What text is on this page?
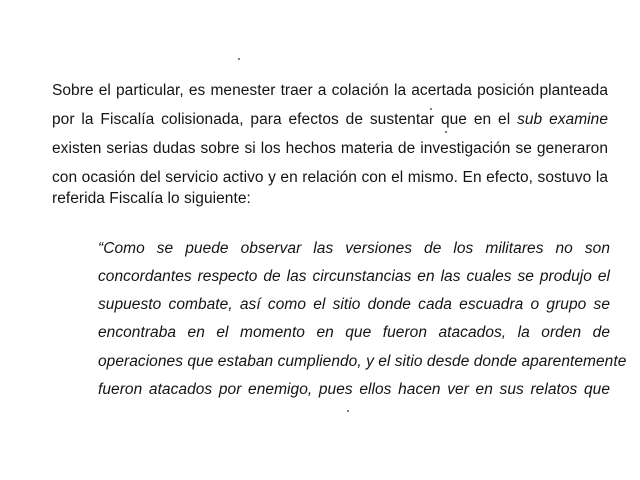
Sobre el particular, es menester traer a colación la acertada posición planteada
por la Fiscalía colisionada, para efectos de sustentar que en el sub examine
existen serias dudas sobre si los hechos materia de investigación se generaron
con ocasión del servicio activo y en relación con el mismo. En efecto, sostuvo la
referida Fiscalía lo siguiente:
“Como se puede observar las versiones de los militares no son
concordantes respecto de las circunstancias en las cuales se produjo el
supuesto combate, así como el sitio donde cada escuadra o grupo se
encontraba en el momento en que fueron atacados, la orden de
operaciones que estaban cumpliendo, y el sitio desde donde aparentemente
fueron atacados por enemigo, pues ellos hacen ver en sus relatos que
